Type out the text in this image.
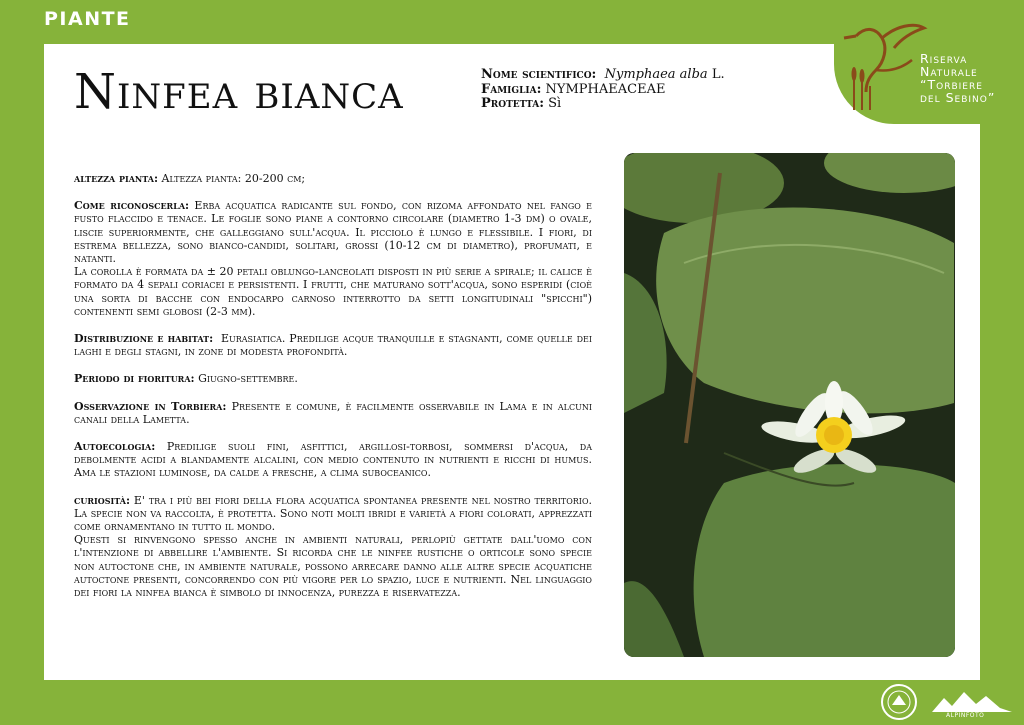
PIANTE
Riserva
Naturale
“Torbiere
del Sebino”
Ninfea bianca	Nome scientifico: Nymphaea alba L.
Famiglia: NYMPHAEACEAE
Protetta: Sì

altezza pianta: Altezza pianta: 20-200 cm;

Come riconoscerla: Erba acquatica radicante sul fondo, con rizoma affondato nel fango e fusto flaccido e tenace. Le foglie sono piane a contorno circolare (diametro 1-3 dm) o ovale, liscie superiormente, che galleggiano sull'acqua. Il picciolo è lungo e flessibile. I fiori, di estrema bellezza, sono bianco-candidi, solitari, grossi (10-12 cm di diametro), profumati, e natanti.
La corolla è formata da ± 20 petali oblungo-lanceolati disposti in più serie a spirale; il calice è formato da 4 sepali coriacei e persistenti. I frutti, che maturano sott'acqua, sono esperidi (cioè una sorta di bacche con endocarpo carnoso interrotto da setti longitudinali "spicchi") contenenti semi globosi (2-3 mm).

Distribuzione e habitat: Eurasiatica. Predilige acque tranquille e stagnanti, come quelle dei laghi e degli stagni, in zone di modesta profondità.

Periodo di fioritura: Giugno-settembre.

Osservazione in Torbiera: Presente e comune, è facilmente osservabile in Lama e in alcuni canali della Lametta.

Autoecologia: Predilige suoli fini, asfittici, argillosi-torbosi, sommersi d'acqua, da debolmente acidi a blandamente alcalini, con medio contenuto in nutrienti e ricchi di humus. Ama le stazioni luminose, da calde a fresche, a clima suboceanico.

curiosità: E' tra i più bei fiori della flora acquatica spontanea presente nel nostro territorio. La specie non va raccolta, è protetta. Sono noti molti ibridi e varietà a fiori colorati, apprezzati come ornamentano in tutto il mondo.
Questi si rinvengono spesso anche in ambienti naturali, perlopiù gettate dall'uomo con l'intenzione di abbellire l'ambiente. Si ricorda che le ninfee rustiche o orticole sono specie non autoctone che, in ambiente naturale, possono arrecare danno alle altre specie acquatiche autoctone presenti, concorrendo con più vigore per lo spazio, luce e nutrienti. Nel linguaggio dei fiori la ninfea bianca è simbolo di innocenza, purezza e riservatezza.

ALPINFOTO
